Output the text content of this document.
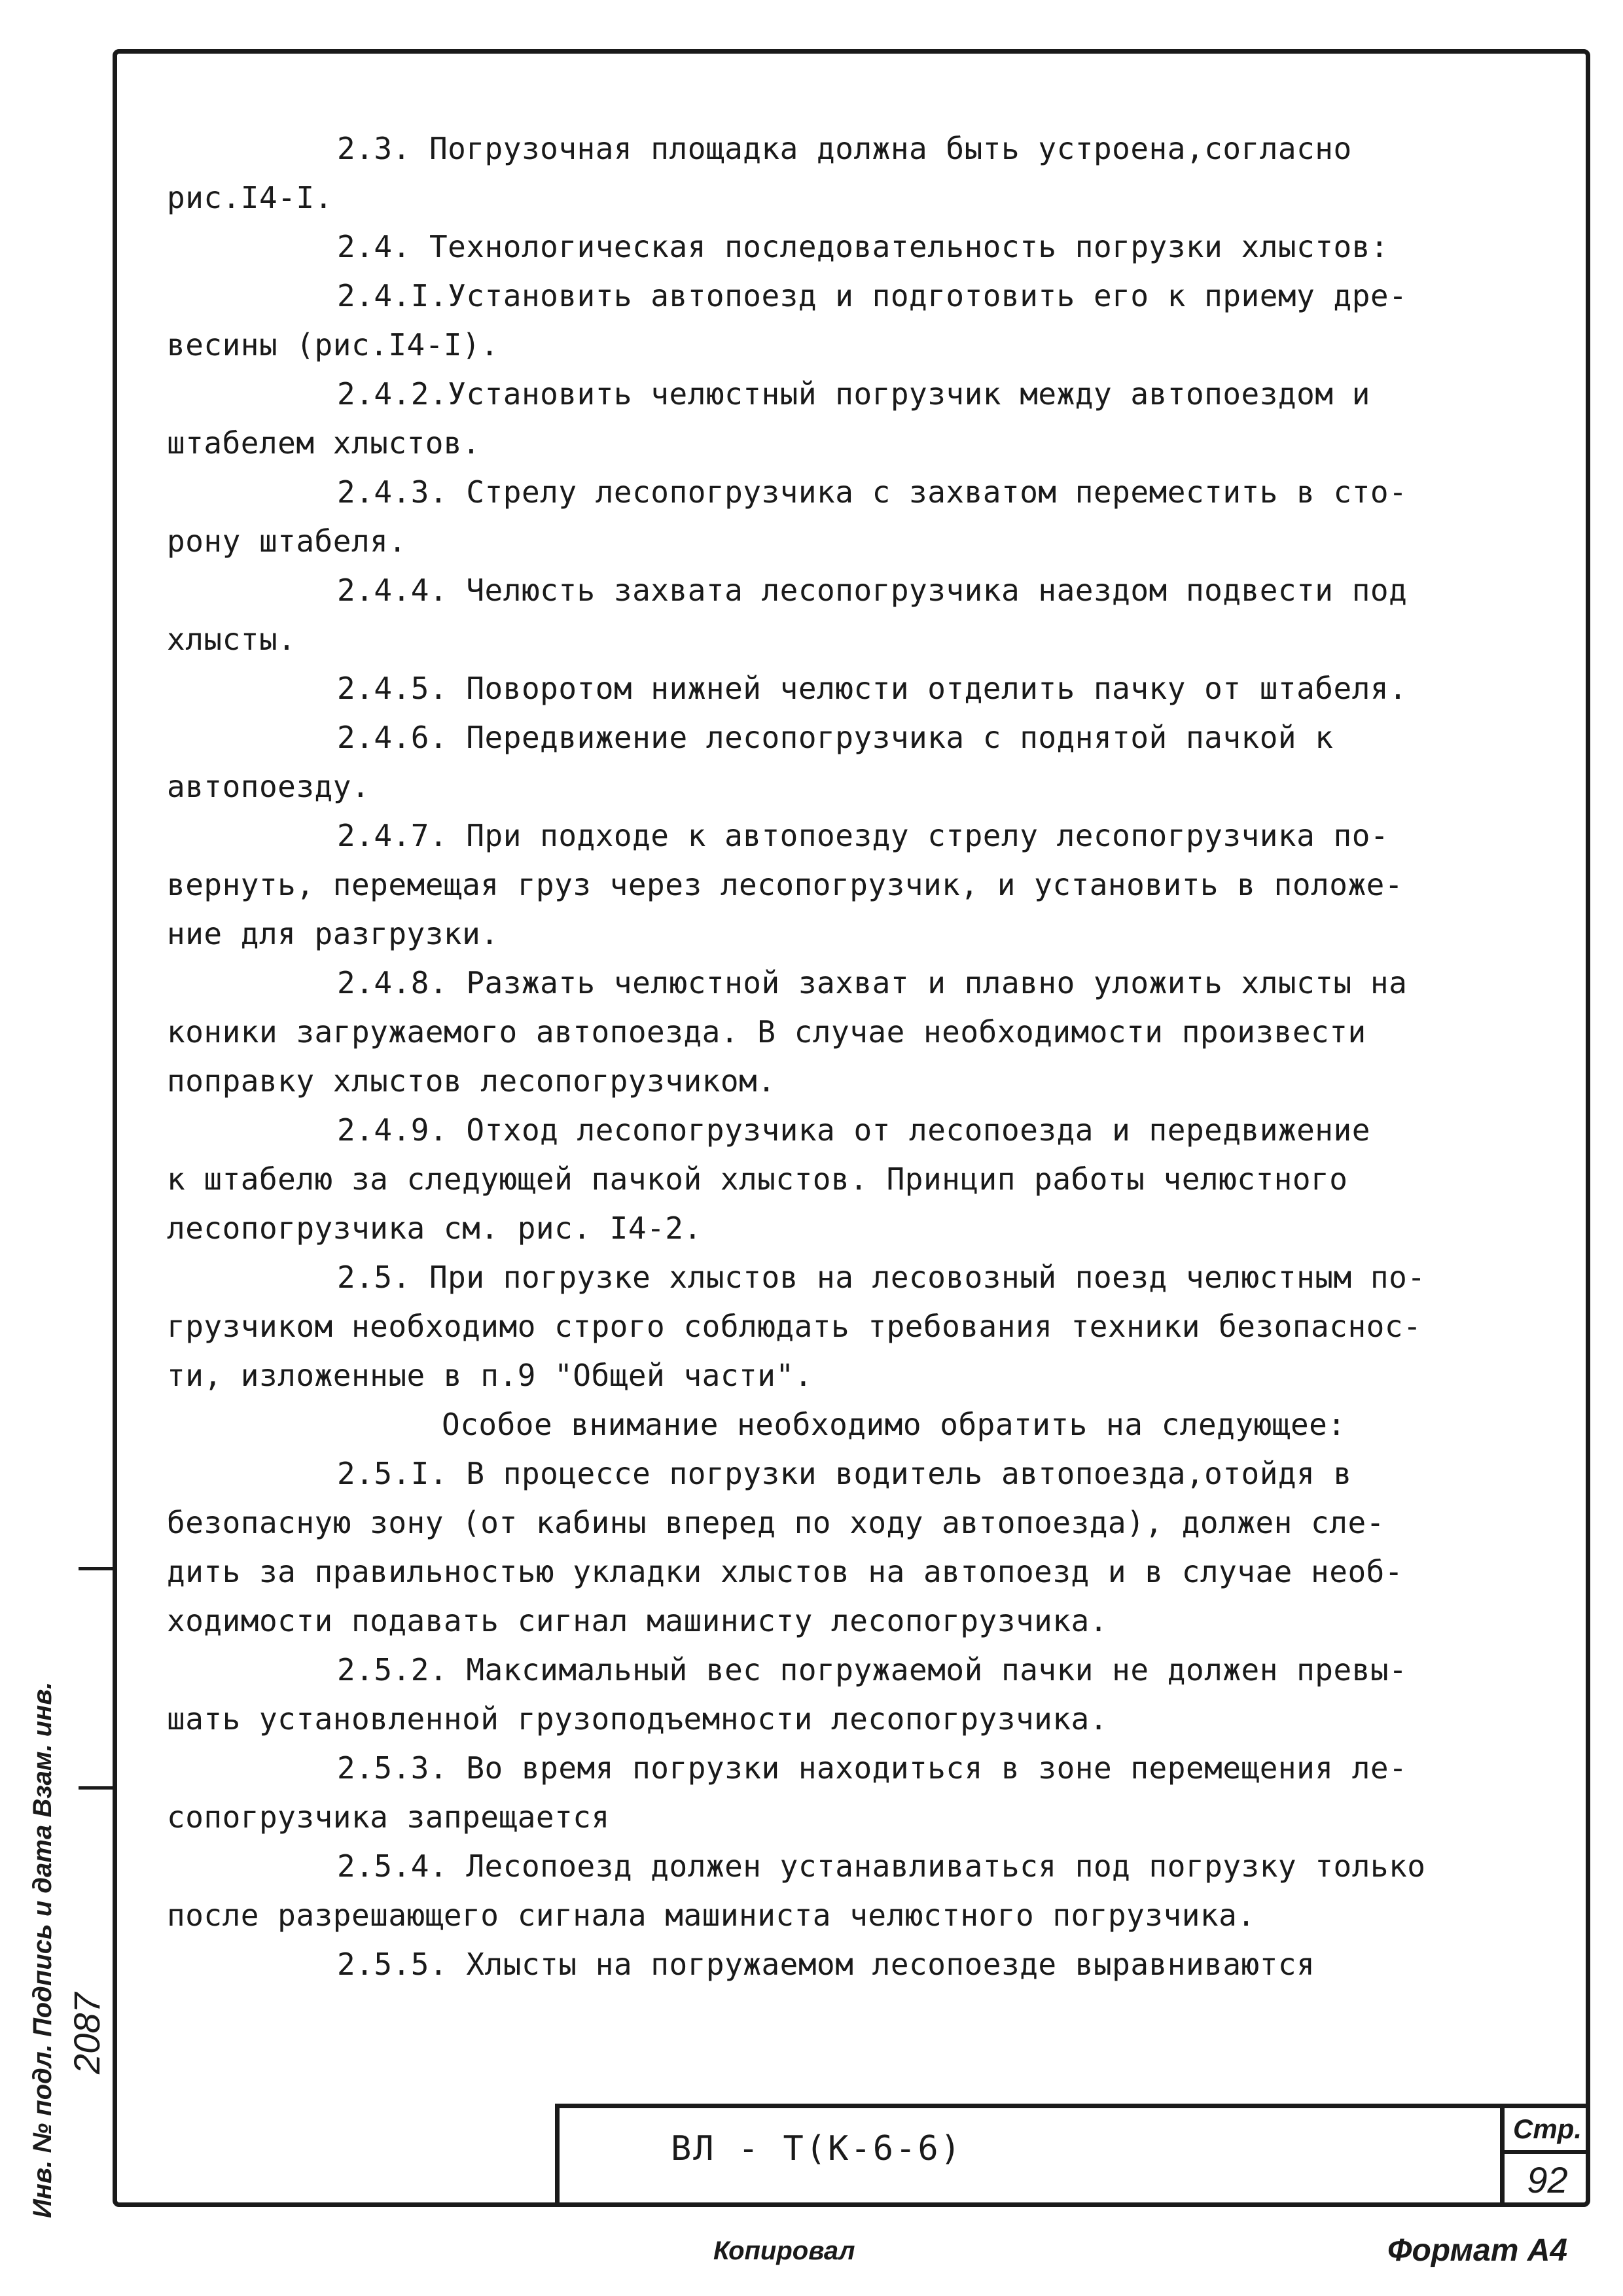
2.3. Погрузочная площадка должна быть устроена,согласно
рис.I4-I.
2.4. Технологическая последовательность погрузки хлыстов:
2.4.I.Установить автопоезд и подготовить его к приему дре-
весины (рис.I4-I).
2.4.2.Установить челюстный погрузчик между автопоездом и
штабелем хлыстов.
2.4.3. Стрелу лесопогрузчика с захватом переместить в сто-
рону штабеля.
2.4.4. Челюсть захвата лесопогрузчика наездом подвести под
хлысты.
2.4.5. Поворотом нижней челюсти отделить пачку от штабеля.
2.4.6. Передвижение лесопогрузчика с поднятой пачкой к
автопоезду.
2.4.7. При подходе к автопоезду стрелу лесопогрузчика по-
вернуть, перемещая груз через лесопогрузчик, и установить в положе-
ние для разгрузки.
2.4.8. Разжать челюстной захват и плавно уложить хлысты на
коники загружаемого автопоезда. В случае необходимости произвести
поправку хлыстов лесопогрузчиком.
2.4.9. Отход лесопогрузчика от лесопоезда и передвижение
к штабелю за следующей пачкой хлыстов. Принцип работы челюстного
лесопогрузчика см. рис. I4-2.
2.5. При погрузке хлыстов на лесовозный поезд челюстным по-
грузчиком необходимо строго соблюдать требования техники безопаснос-
ти, изложенные в п.9 "Общей части".
Особое внимание необходимо обратить на следующее:
2.5.I. В процессе погрузки водитель автопоезда,отойдя в
безопасную зону (от кабины вперед по ходу автопоезда), должен сле-
дить за правильностью укладки хлыстов на автопоезд и в случае необ-
ходимости подавать сигнал машинисту лесопогрузчика.
2.5.2. Максимальный вес погружаемой пачки не должен превы-
шать установленной грузоподъемности лесопогрузчика.
2.5.3. Во время погрузки находиться в зоне перемещения ле-
сопогрузчика запрещается
2.5.4. Лесопоезд должен устанавливаться под погрузку только
после разрешающего сигнала машиниста челюстного погрузчика.
2.5.5. Хлысты на погружаемом лесопоезде выравниваются
ВЛ - Т(К-6-6)
Стр.
92
Копировал	Формат А4
Инв. № подл. Подпись и дата Взам. инв. 2087
